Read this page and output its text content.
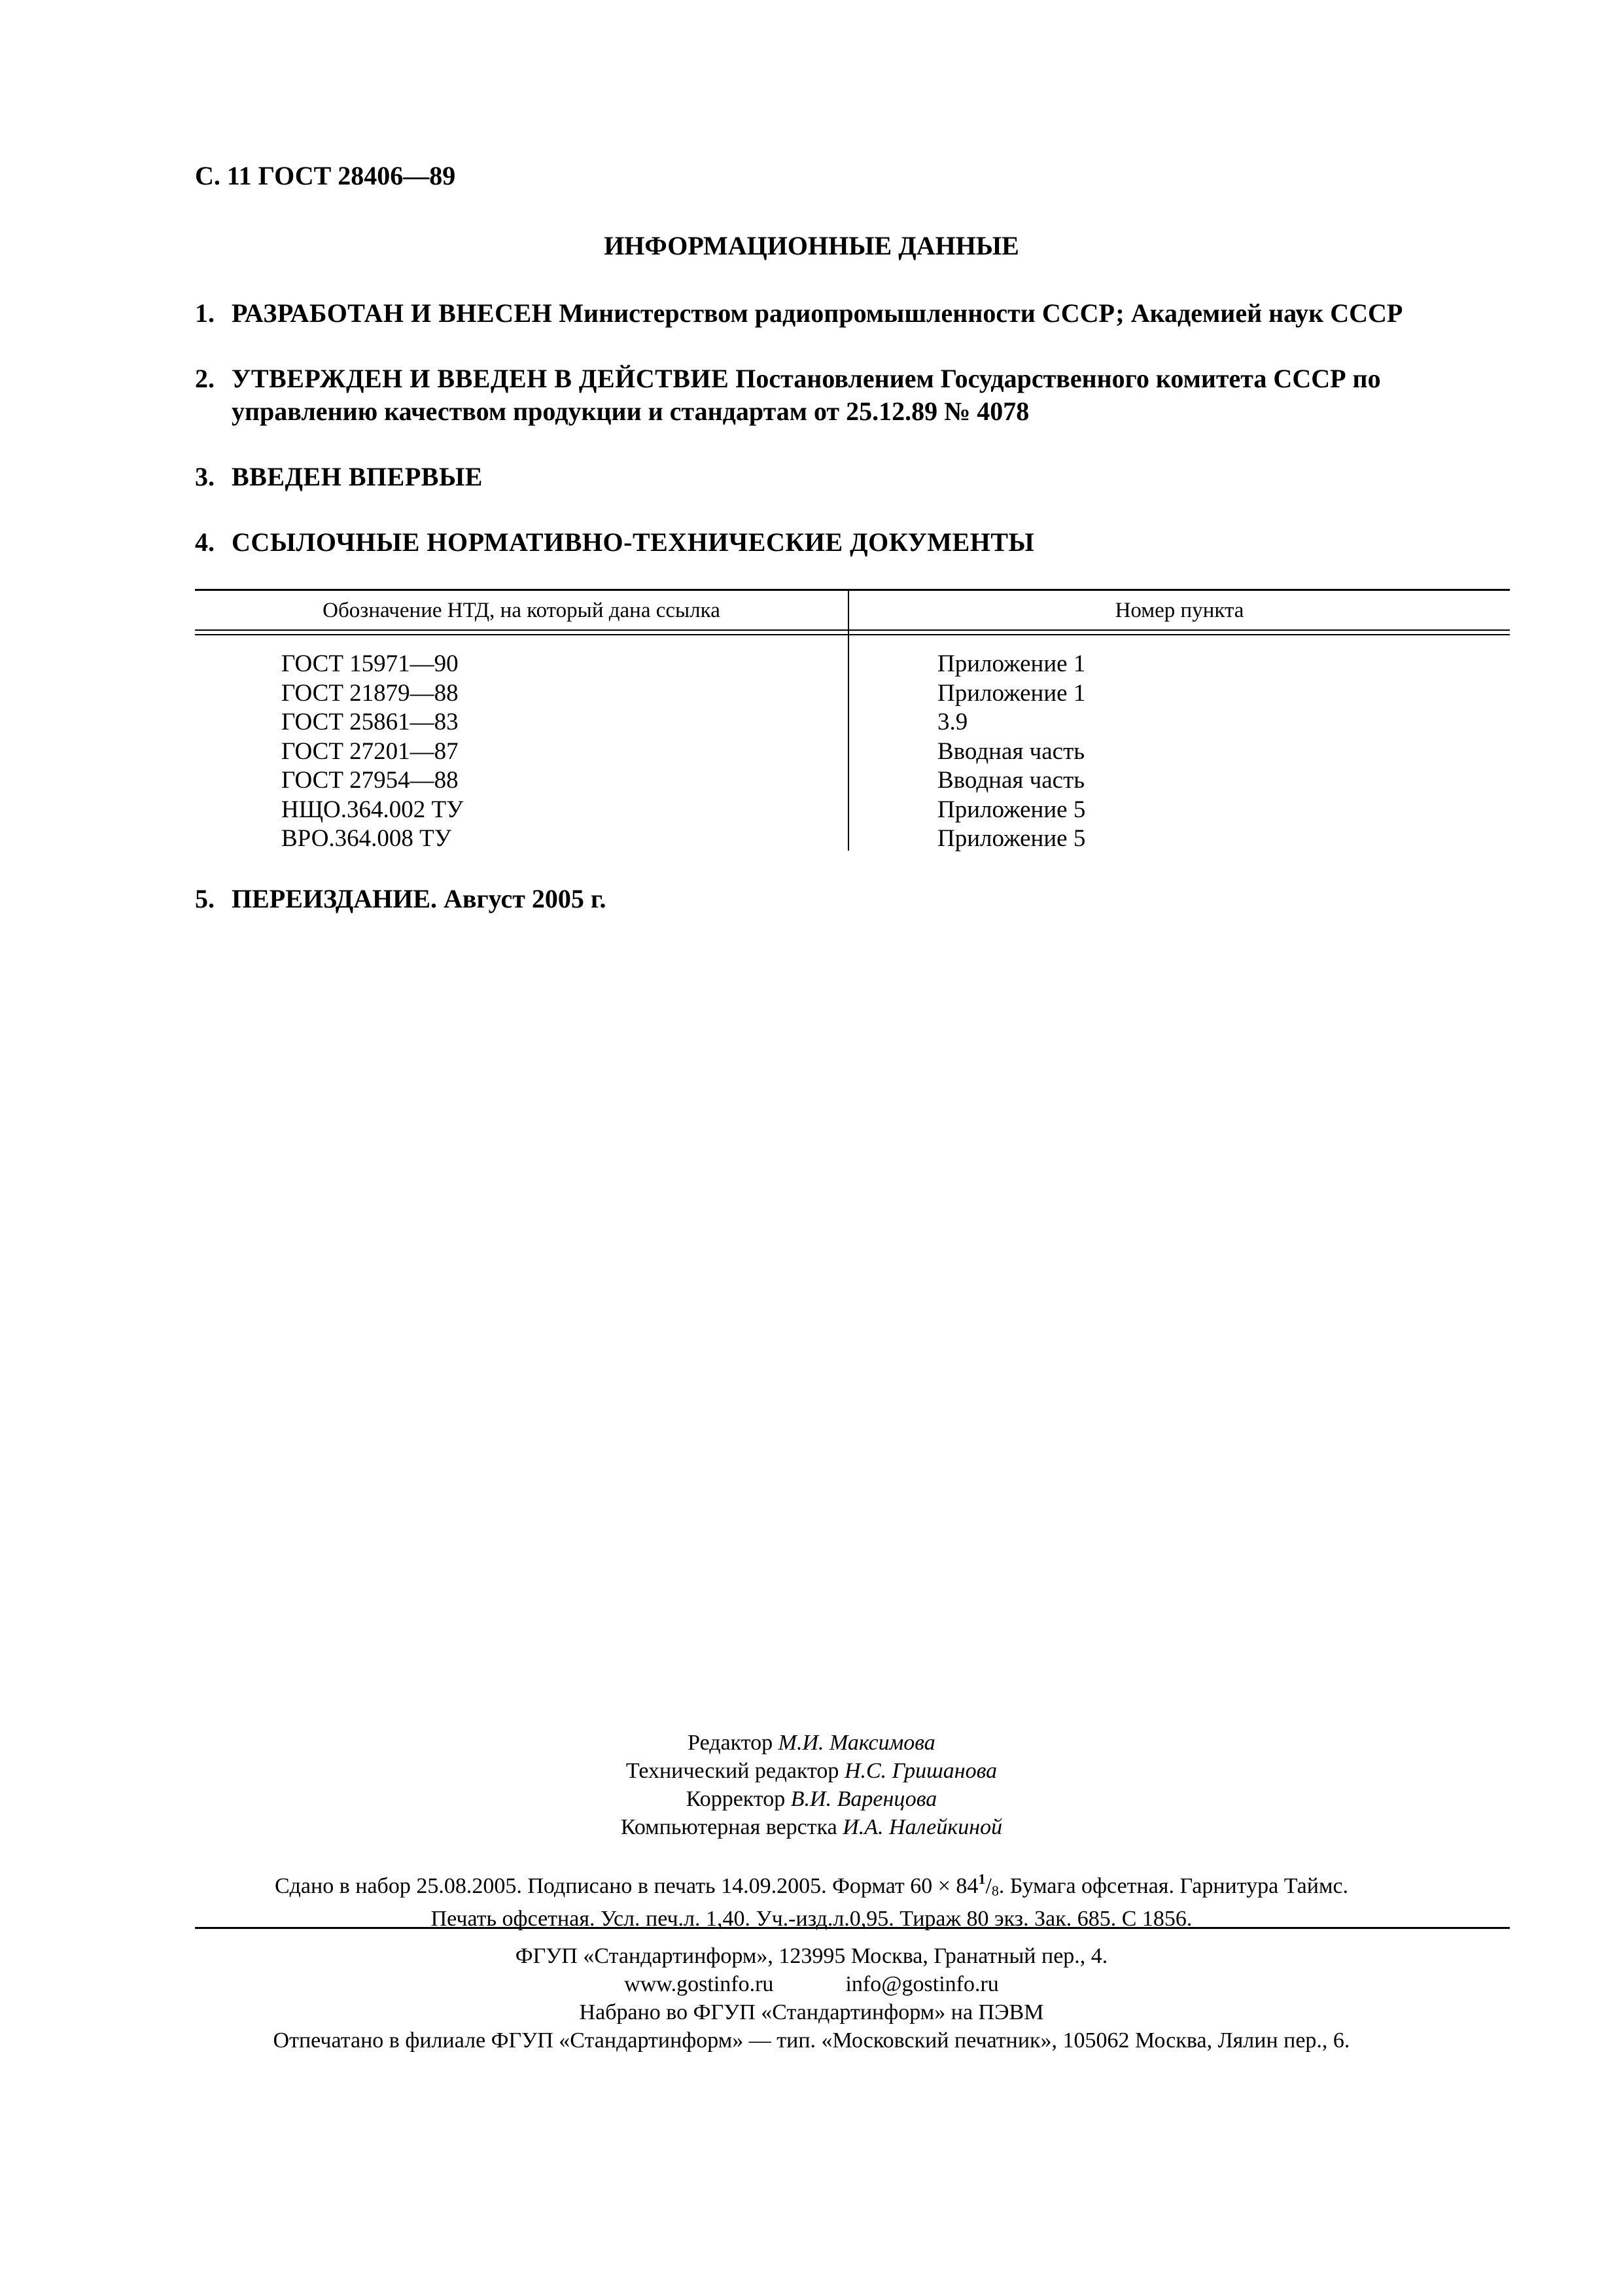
С. 11 ГОСТ 28406—89
ИНФОРМАЦИОННЫЕ ДАННЫЕ
1. РАЗРАБОТАН И ВНЕСЕН Министерством радиопромышленности СССР; Академией наук СССР
2. УТВЕРЖДЕН И ВВЕДЕН В ДЕЙСТВИЕ Постановлением Государственного комитета СССР по
управлению качеством продукции и стандартам от 25.12.89 № 4078
3. ВВЕДЕН ВПЕРВЫЕ
4. ССЫЛОЧНЫЕ НОРМАТИВНО-ТЕХНИЧЕСКИЕ ДОКУМЕНТЫ
Обозначение НТД, на который дана ссылка	Номер пункта
ГОСТ 15971—90
ГОСТ 21879—88
ГОСТ 25861—83
ГОСТ 27201—87
ГОСТ 27954—88
НЩО.364.002 ТУ
ВРО.364.008 ТУ
Приложение 1
Приложение 1
3.9
Вводная часть
Вводная часть
Приложение 5
Приложение 5
5. ПЕРЕИЗДАНИЕ. Август 2005 г.
Редактор М.И. Максимова
Технический редактор Н.С. Гришанова
Корректор В.И. Варенцова
Компьютерная верстка И.А. Налейкиной
Сдано в набор 25.08.2005. Подписано в печать 14.09.2005. Формат $60 \times 84^1/8$. Бумага офсетная. Гарнитура Таймс.
Печать офсетная. Усл. печ.л. 1,40. Уч.-изд.л.0,95. Тираж 80 экз. Зак. 685. С 1856.
ФГУП «Стандартинформ», 123995 Москва, Гранатный пер., 4.
www.gostinfo.ru	info@gostinfo.ru
Набрано во ФГУП «Стандартинформ» на ПЭВМ
Отпечатано в филиале ФГУП «Стандартинформ» — тип. «Московский печатник», 105062 Москва, Лялин пер., 6.
